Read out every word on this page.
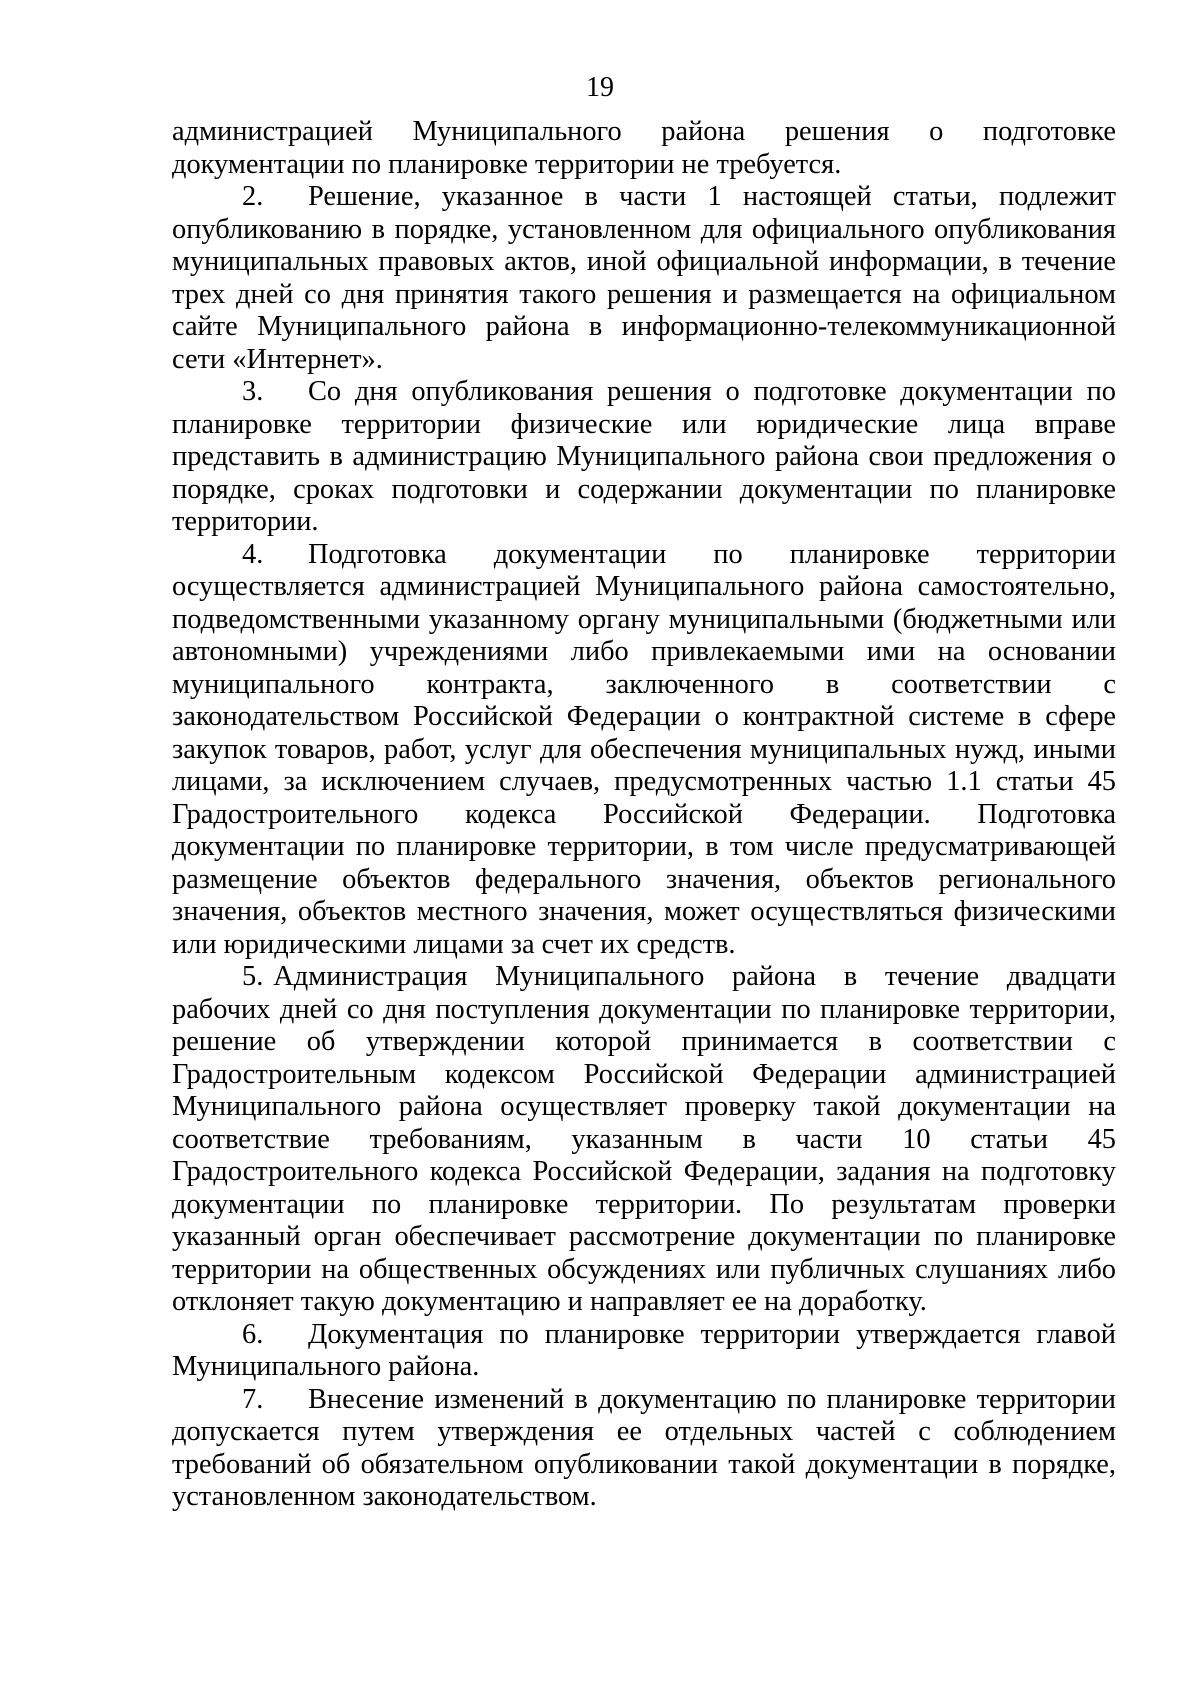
19

администрацией Муниципального района решения о подготовке документации по планировке территории не требуется.

2. Решение, указанное в части 1 настоящей статьи, подлежит опубликованию в порядке, установленном для официального опубликования муниципальных правовых актов, иной официальной информации, в течение трех дней со дня принятия такого решения и размещается на официальном сайте Муниципального района в информационно-телекоммуникационной сети «Интернет».

3. Со дня опубликования решения о подготовке документации по планировке территории физические или юридические лица вправе представить в администрацию Муниципального района свои предложения о порядке, сроках подготовки и содержании документации по планировке территории.

4. Подготовка документации по планировке территории осуществляется администрацией Муниципального района самостоятельно, подведомственными указанному органу муниципальными (бюджетными или автономными) учреждениями либо привлекаемыми ими на основании муниципального контракта, заключенного в соответствии с законодательством Российской Федерации о контрактной системе в сфере закупок товаров, работ, услуг для обеспечения муниципальных нужд, иными лицами, за исключением случаев, предусмотренных частью 1.1 статьи 45 Градостроительного кодекса Российской Федерации. Подготовка документации по планировке территории, в том числе предусматривающей размещение объектов федерального значения, объектов регионального значения, объектов местного значения, может осуществляться физическими или юридическими лицами за счет их средств.

5. Администрация Муниципального района в течение двадцати рабочих дней со дня поступления документации по планировке территории, решение об утверждении которой принимается в соответствии с Градостроительным кодексом Российской Федерации администрацией Муниципального района осуществляет проверку такой документации на соответствие требованиям, указанным в части 10 статьи 45 Градостроительного кодекса Российской Федерации, задания на подготовку документации по планировке территории. По результатам проверки указанный орган обеспечивает рассмотрение документации по планировке территории на общественных обсуждениях или публичных слушаниях либо отклоняет такую документацию и направляет ее на доработку.

6. Документация по планировке территории утверждается главой Муниципального района.

7. Внесение изменений в документацию по планировке территории допускается путем утверждения ее отдельных частей с соблюдением требований об обязательном опубликовании такой документации в порядке, установленном законодательством.
